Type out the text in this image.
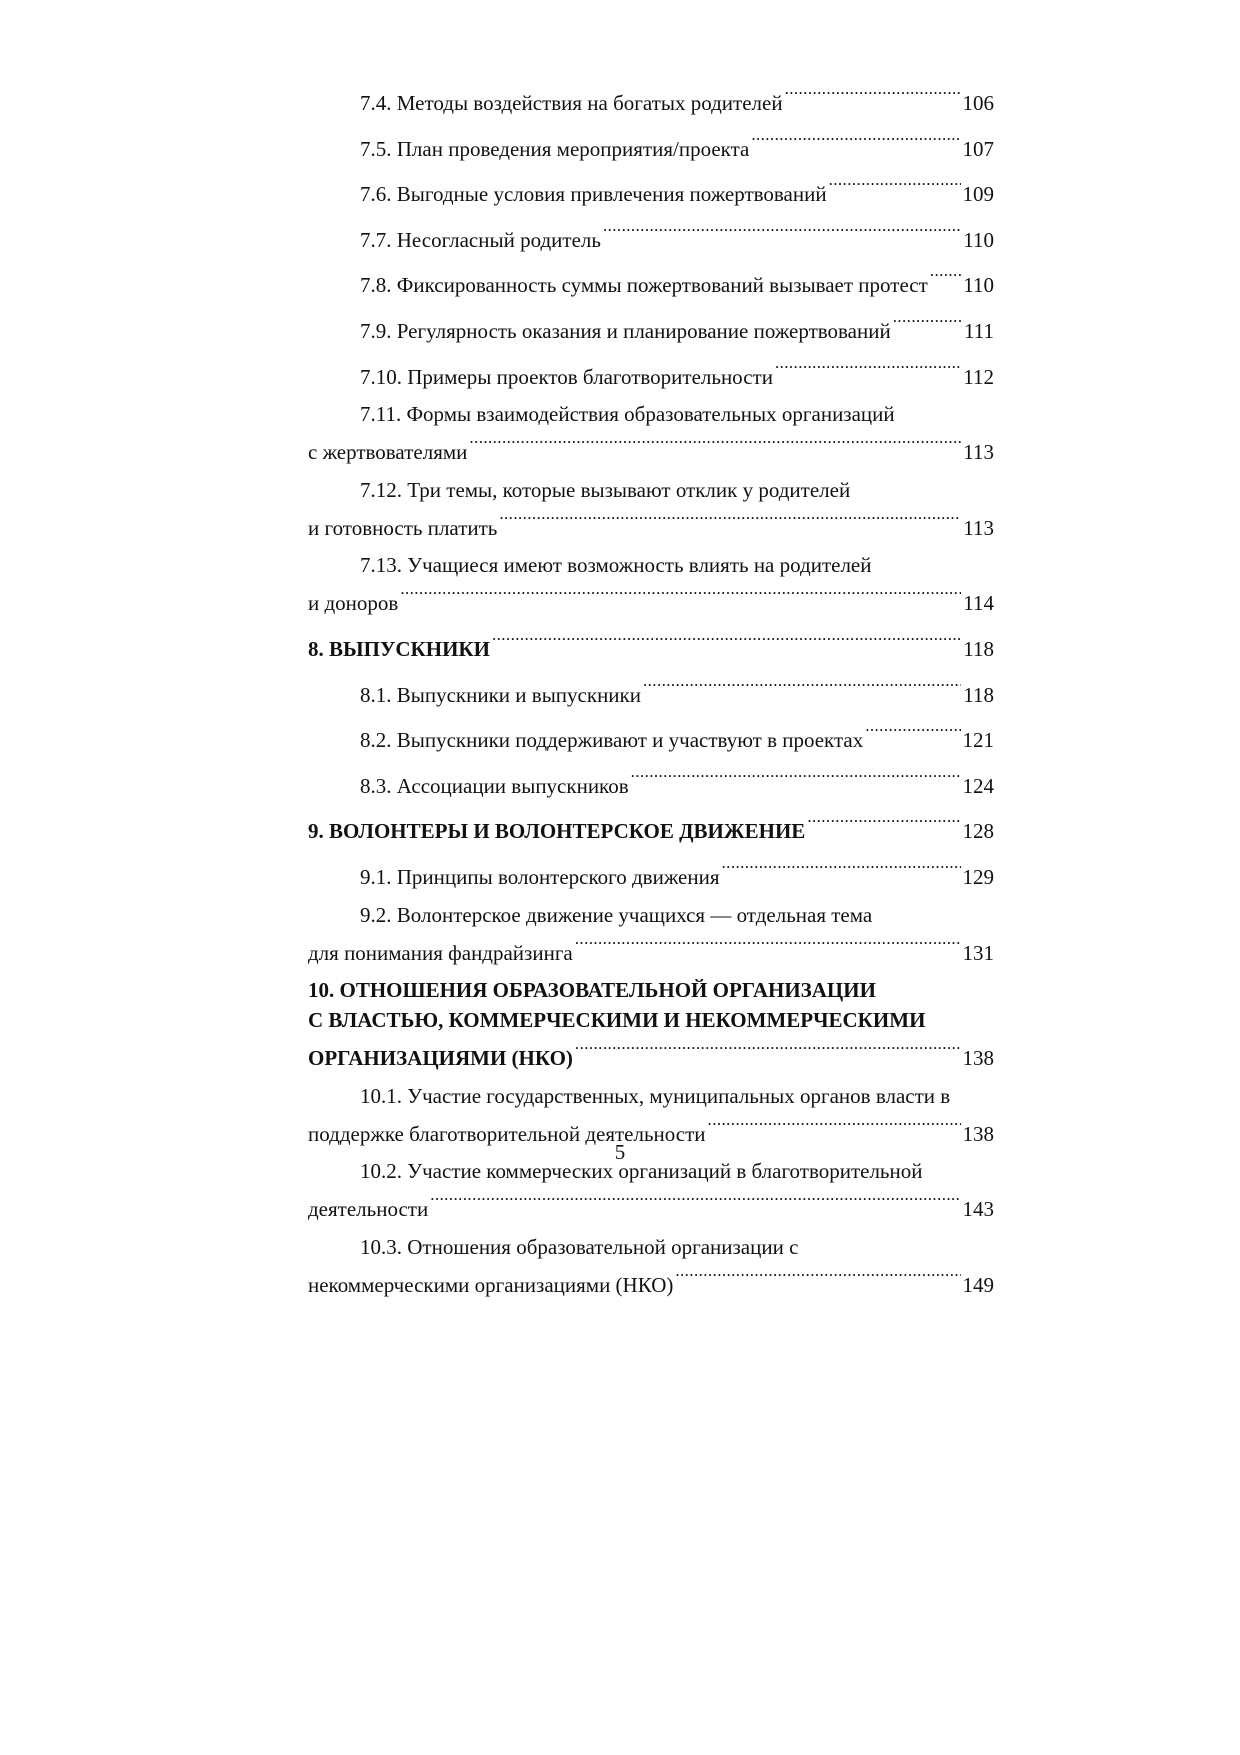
7.4. Методы воздействия на богатых родителей .....	106
7.5. План проведения мероприятия/проекта .....	107
7.6. Выгодные условия привлечения пожертвований .....	109
7.7. Несогласный родитель .....	110
7.8. Фиксированность суммы пожертвований вызывает протест ..... 110
7.9. Регулярность оказания и планирование пожертвований .....	111
7.10. Примеры проектов благотворительности .....	112
7.11. Формы взаимодействия образовательных организаций
с жертвователями .....	113
7.12. Три темы, которые вызывают отклик у родителей
и готовность платить .....	113
7.13. Учащиеся имеют возможность влиять на родителей
и доноров .....	114
8. ВЫПУСКНИКИ .....	118
8.1. Выпускники и выпускники .....	118
8.2. Выпускники поддерживают и участвуют в проектах .....	121
8.3. Ассоциации выпускников .....	124
9. ВОЛОНТЕРЫ И ВОЛОНТЕРСКОЕ ДВИЖЕНИЕ .....	128
9.1. Принципы волонтерского движения .....	129
9.2. Волонтерское движение учащихся — отдельная тема
для понимания фандрайзинга .....	131
10. ОТНОШЕНИЯ ОБРАЗОВАТЕЛЬНОЙ ОРГАНИЗАЦИИ
С ВЛАСТЬЮ, КОММЕРЧЕСКИМИ И НЕКОММЕРЧЕСКИМИ
ОРГАНИЗАЦИЯМИ (НКО) .....	138
10.1. Участие государственных, муниципальных органов власти в
поддержке благотворительной деятельности .....	138
10.2. Участие коммерческих организаций в благотворительной
деятельности .....	143
10.3. Отношения образовательной организации с
некоммерческими организациями (НКО) .....	149
5
